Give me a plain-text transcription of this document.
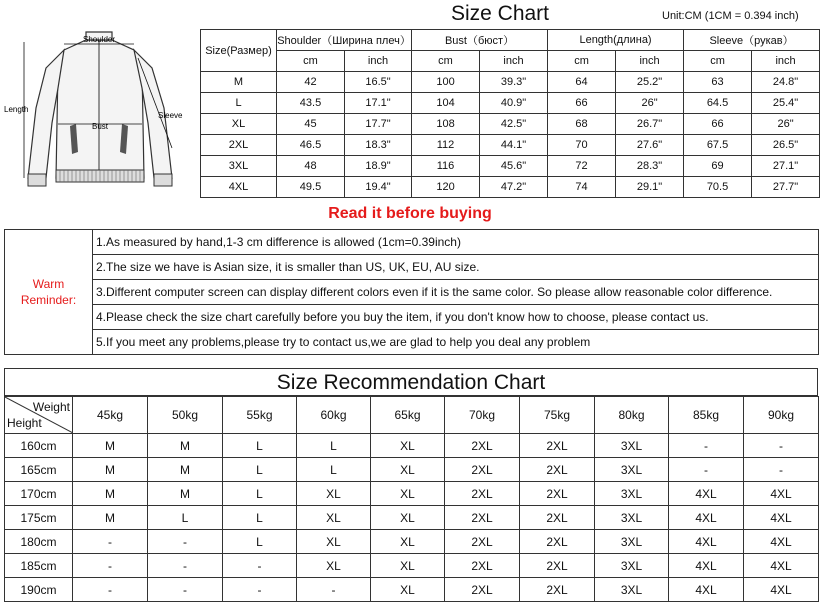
Shoulder
Length
Bust
Sleeve
Size Chart	Unit:CM (1CM = 0.394 inch)
Size(Размер)	Shoulder（Ширина плеч）		Bust（бюст）		Length(длина)		Sleeve（рукав）	
	cm	inch	cm	inch	cm	inch	cm	inch
M	42	16.5"	100	39.3"	64	25.2"	63	24.8"
L	43.5	17.1"	104	40.9"	66	26"	64.5	25.4"
XL	45	17.7"	108	42.5"	68	26.7"	66	26"
2XL	46.5	18.3"	112	44.1"	70	27.6"	67.5	26.5"
3XL	48	18.9"	116	45.6"	72	28.3"	69	27.1"
4XL	49.5	19.4"	120	47.2"	74	29.1"	70.5	27.7"
Read it before buying
Warm Reminder:	1.As measured by hand,1-3 cm difference is allowed (1cm=0.39inch)
2.The size we have is Asian size, it is smaller than US, UK, EU, AU size.
3.Different computer screen can display different colors even if it is the same color. So please allow reasonable color difference.
4.Please check the size chart carefully before you buy the item, if you don't know how to choose, please contact us.
5.If you meet any problems,please try to contact us,we are glad to help you deal any problem
Size Recommendation Chart
Weight
Height	45kg	50kg	55kg	60kg	65kg	70kg	75kg	80kg	85kg	90kg
160cm	M	M	L	L	XL	2XL	2XL	3XL	-	-
165cm	M	M	L	L	XL	2XL	2XL	3XL	-	-
170cm	M	M	L	XL	XL	2XL	2XL	3XL	4XL	4XL
175cm	M	L	L	XL	XL	2XL	2XL	3XL	4XL	4XL
180cm	-	-	L	XL	XL	2XL	2XL	3XL	4XL	4XL
185cm	-	-	-	XL	XL	2XL	2XL	3XL	4XL	4XL
190cm	-	-	-	-	XL	2XL	2XL	3XL	4XL	4XL
